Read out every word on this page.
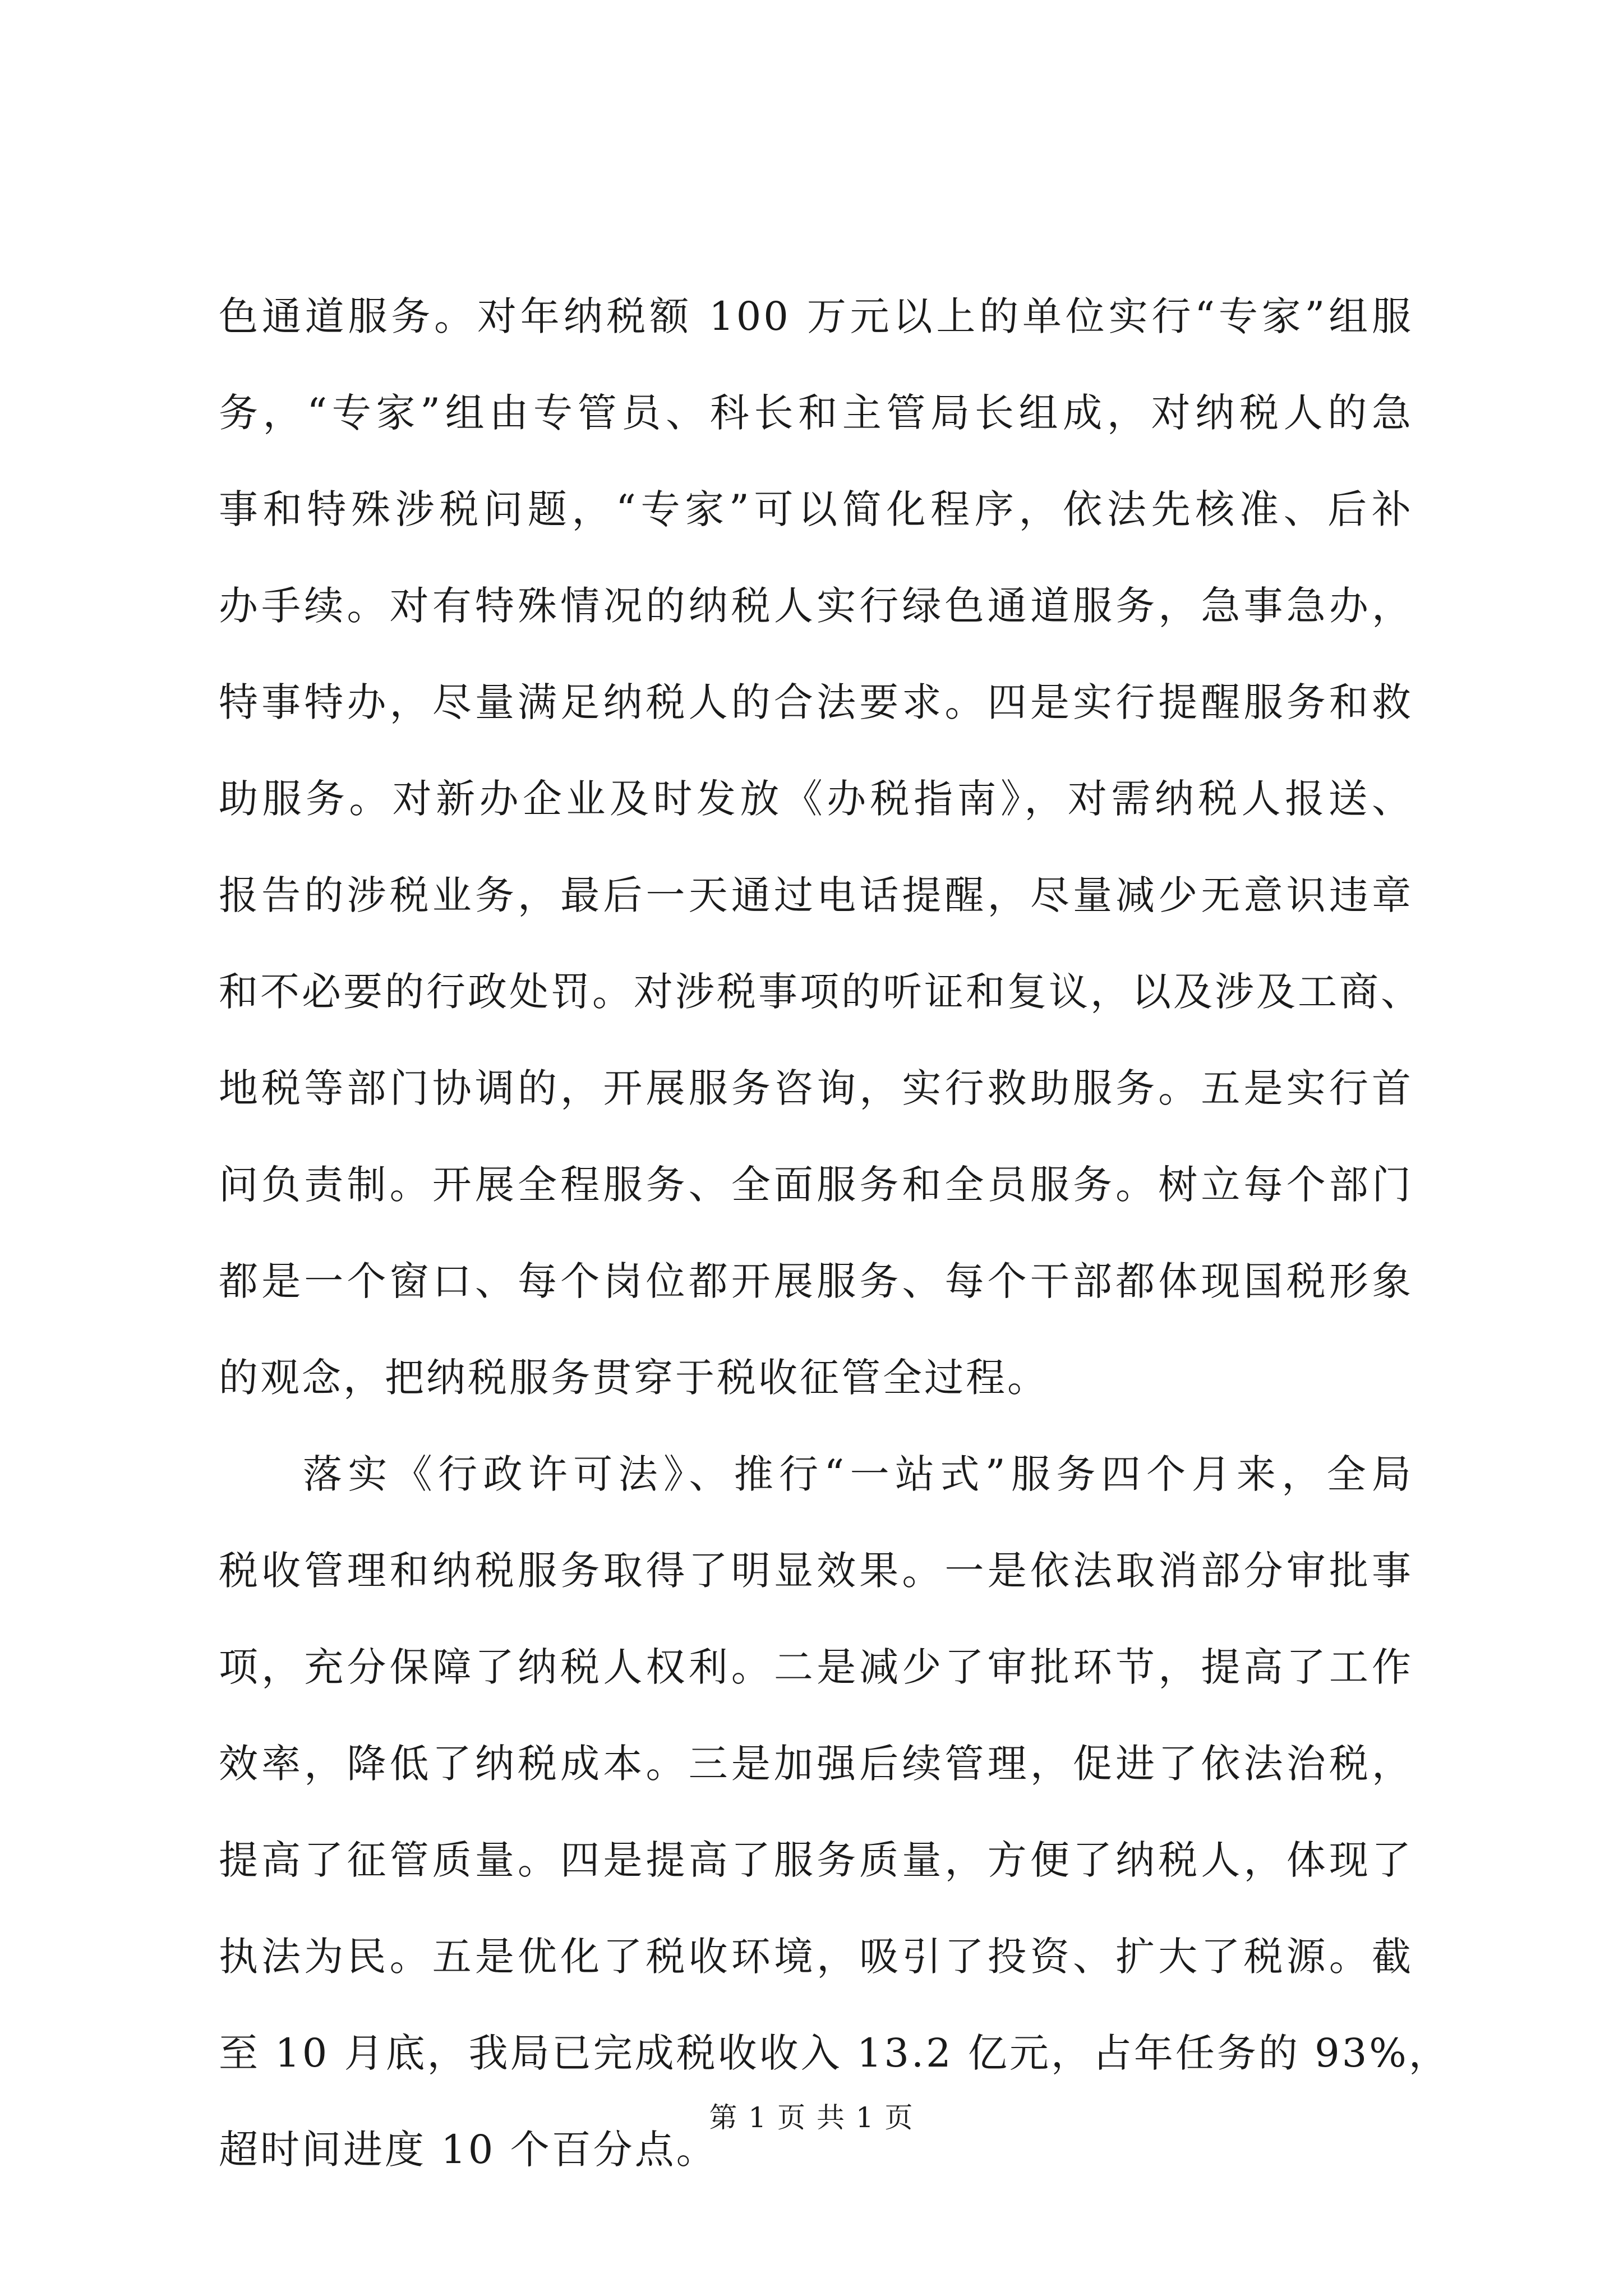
色通道服务。对年纳税额 100 万元以上的单位实行“专家”组服
务，“专家”组由专管员、科长和主管局长组成，对纳税人的急
事和特殊涉税问题，“专家”可以简化程序，依法先核准、后补
办手续。对有特殊情况的纳税人实行绿色通道服务，急事急办，
特事特办，尽量满足纳税人的合法要求。四是实行提醒服务和救
助服务。对新办企业及时发放《办税指南》，对需纳税人报送、
报告的涉税业务，最后一天通过电话提醒，尽量减少无意识违章
和不必要的行政处罚。对涉税事项的听证和复议，以及涉及工商、
地税等部门协调的，开展服务咨询，实行救助服务。五是实行首
问负责制。开展全程服务、全面服务和全员服务。树立每个部门
都是一个窗口、每个岗位都开展服务、每个干部都体现国税形象
的观念，把纳税服务贯穿于税收征管全过程。
落实《行政许可法》、推行“一站式”服务四个月来，全局
税收管理和纳税服务取得了明显效果。一是依法取消部分审批事
项，充分保障了纳税人权利。二是减少了审批环节，提高了工作
效率，降低了纳税成本。三是加强后续管理，促进了依法治税，
提高了征管质量。四是提高了服务质量，方便了纳税人，体现了
执法为民。五是优化了税收环境，吸引了投资、扩大了税源。截
至 10 月底，我局已完成税收收入 13.2 亿元，占年任务的 93%，
超时间进度 10 个百分点。
第 1 页 共 1 页
